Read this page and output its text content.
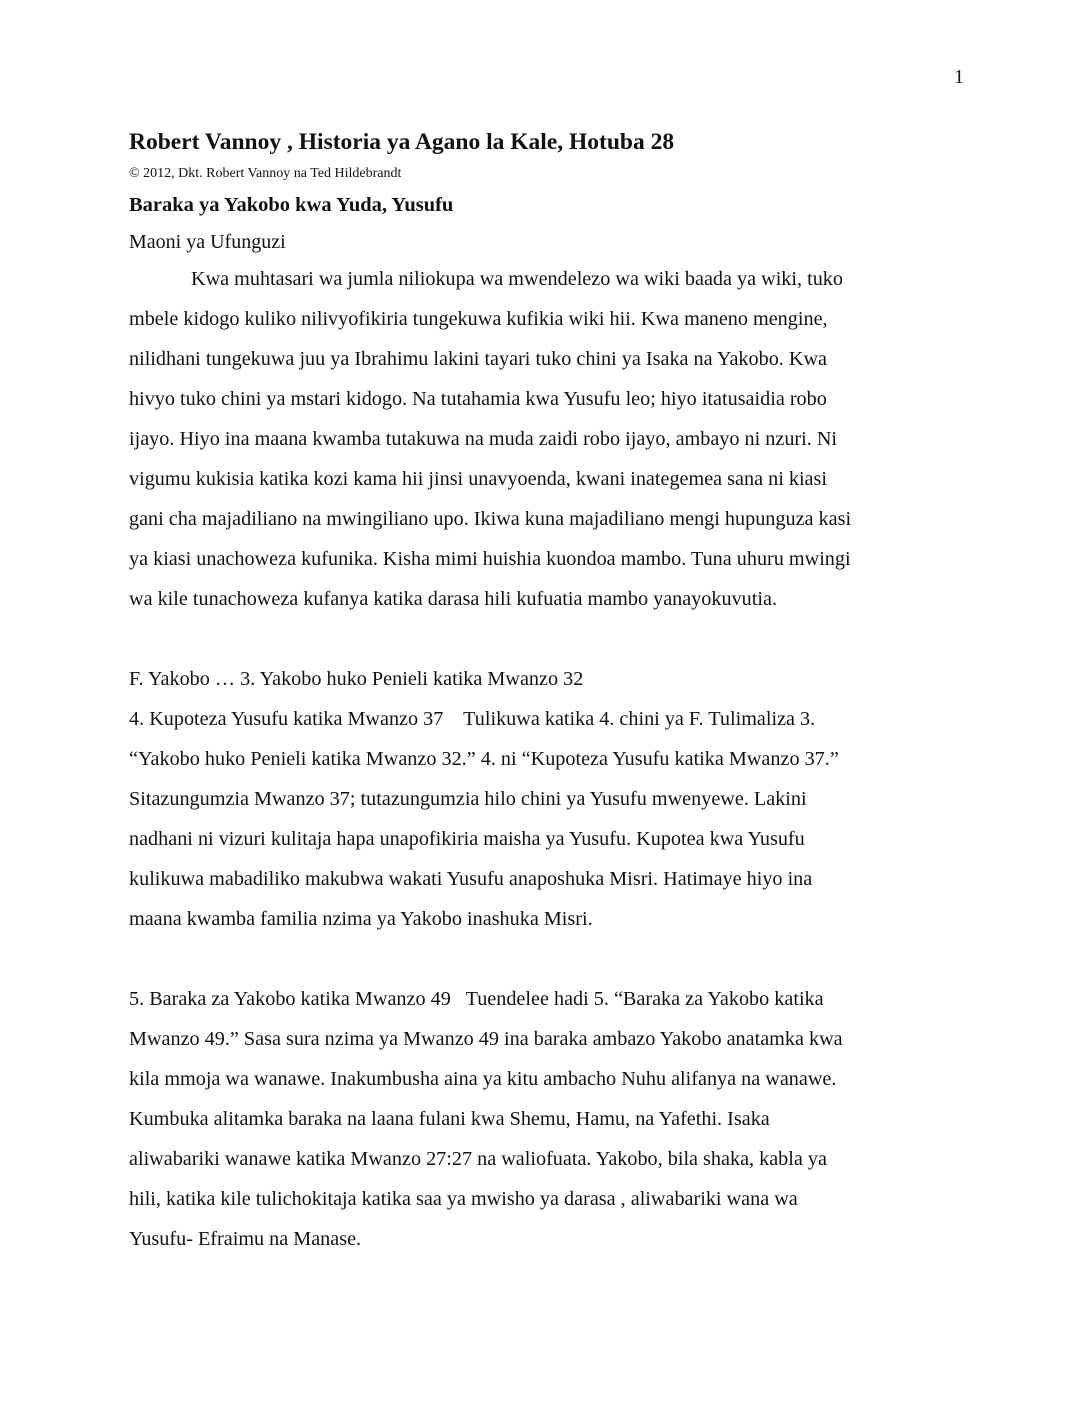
1
Robert Vannoy , Historia ya Agano la Kale, Hotuba 28

© 2012, Dkt. Robert Vannoy na Ted Hildebrandt

Baraka ya Yakobo kwa Yuda, Yusufu

Maoni ya Ufunguzi

Kwa muhtasari wa jumla niliokupa wa mwendelezo wa wiki baada ya wiki, tuko
mbele kidogo kuliko nilivyofikiria tungekuwa kufikia wiki hii. Kwa maneno mengine,
nilidhani tungekuwa juu ya Ibrahimu lakini tayari tuko chini ya Isaka na Yakobo. Kwa
hivyo tuko chini ya mstari kidogo. Na tutahamia kwa Yusufu leo; hiyo itatusaidia robo
ijayo. Hiyo ina maana kwamba tutakuwa na muda zaidi robo ijayo, ambayo ni nzuri. Ni
vigumu kukisia katika kozi kama hii jinsi unavyoenda, kwani inategemea sana ni kiasi
gani cha majadiliano na mwingiliano upo. Ikiwa kuna majadiliano mengi hupunguza kasi
ya kiasi unachoweza kufunika. Kisha mimi huishia kuondoa mambo. Tuna uhuru mwingi
wa kile tunachoweza kufanya katika darasa hili kufuatia mambo yanayokuvutia.

F. Yakobo … 3. Yakobo huko Penieli katika Mwanzo 32
4. Kupoteza Yusufu katika Mwanzo 37    Tulikuwa katika 4. chini ya F. Tulimaliza 3.
“Yakobo huko Penieli katika Mwanzo 32.” 4. ni “Kupoteza Yusufu katika Mwanzo 37.”
Sitazungumzia Mwanzo 37; tutazungumzia hilo chini ya Yusufu mwenyewe. Lakini
nadhani ni vizuri kulitaja hapa unapofikiria maisha ya Yusufu. Kupotea kwa Yusufu
kulikuwa mabadiliko makubwa wakati Yusufu anaposhuka Misri. Hatimaye hiyo ina
maana kwamba familia nzima ya Yakobo inashuka Misri.

5. Baraka za Yakobo katika Mwanzo 49   Tuendelee hadi 5. “Baraka za Yakobo katika
Mwanzo 49.” Sasa sura nzima ya Mwanzo 49 ina baraka ambazo Yakobo anatamka kwa
kila mmoja wa wanawe. Inakumbusha aina ya kitu ambacho Nuhu alifanya na wanawe.
Kumbuka alitamka baraka na laana fulani kwa Shemu, Hamu, na Yafethi. Isaka
aliwabariki wanawe katika Mwanzo 27:27 na waliofuata. Yakobo, bila shaka, kabla ya
hili, katika kile tulichokitaja katika saa ya mwisho ya darasa , aliwabariki wana wa
Yusufu- Efraimu na Manase.
